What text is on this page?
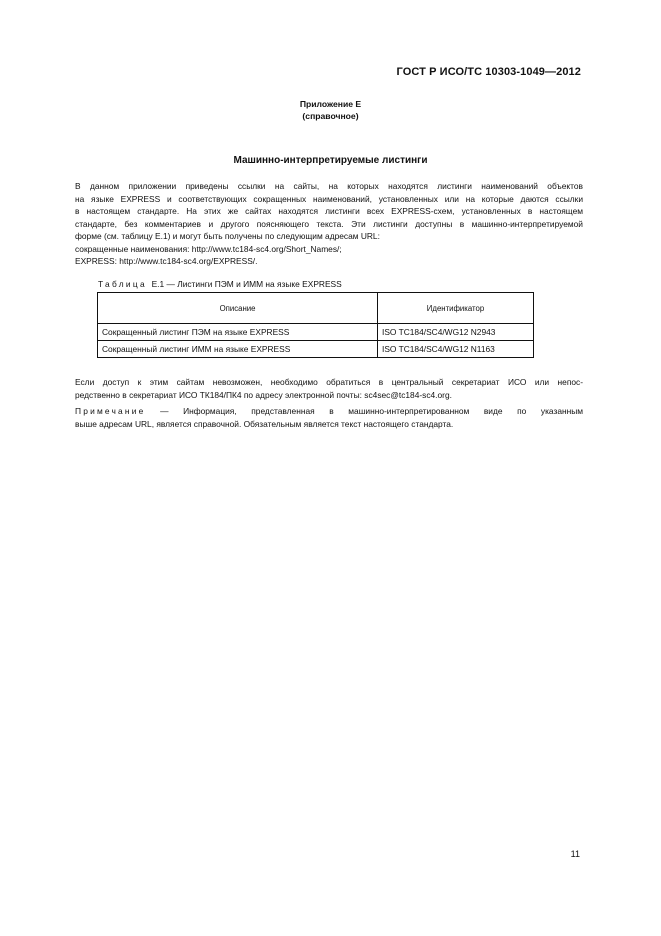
ГОСТ Р ИСО/ТС 10303-1049—2012
Приложение Е
(справочное)
Машинно-интерпретируемые листинги
В данном приложении приведены ссылки на сайты, на которых находятся листинги наименований объектов
на языке EXPRESS и соответствующих сокращенных наименований, установленных или на которые даются ссылки
в настоящем стандарте. На этих же сайтах находятся листинги всех EXPRESS-схем, установленных в настоящем
стандарте, без комментариев и другого поясняющего текста. Эти листинги доступны в машинно-интерпретируемой
форме (см. таблицу Е.1) и могут быть получены по следующим адресам URL:
сокращенные наименования: http://www.tc184-sc4.org/Short_Names/;
EXPRESS: http://www.tc184-sc4.org/EXPRESS/.
Таблица Е.1 — Листинги ПЭМ и ИММ на языке EXPRESS
Описание	Идентификатор
Сокращенный листинг ПЭМ на языке EXPRESS	ISO TC184/SC4/WG12 N2943
Сокращенный листинг ИММ на языке EXPRESS	ISO TC184/SC4/WG12 N1163
Если доступ к этим сайтам невозможен, необходимо обратиться в центральный секретариат ИСО или непос-
редственно в секретариат ИСО ТК184/ПК4 по адресу электронной почты: sc4sec@tc184-sc4.org.
Примечание — Информация, представленная в машинно-интерпретированном виде по указанным
выше адресам URL, является справочной. Обязательным является текст настоящего стандарта.
11
